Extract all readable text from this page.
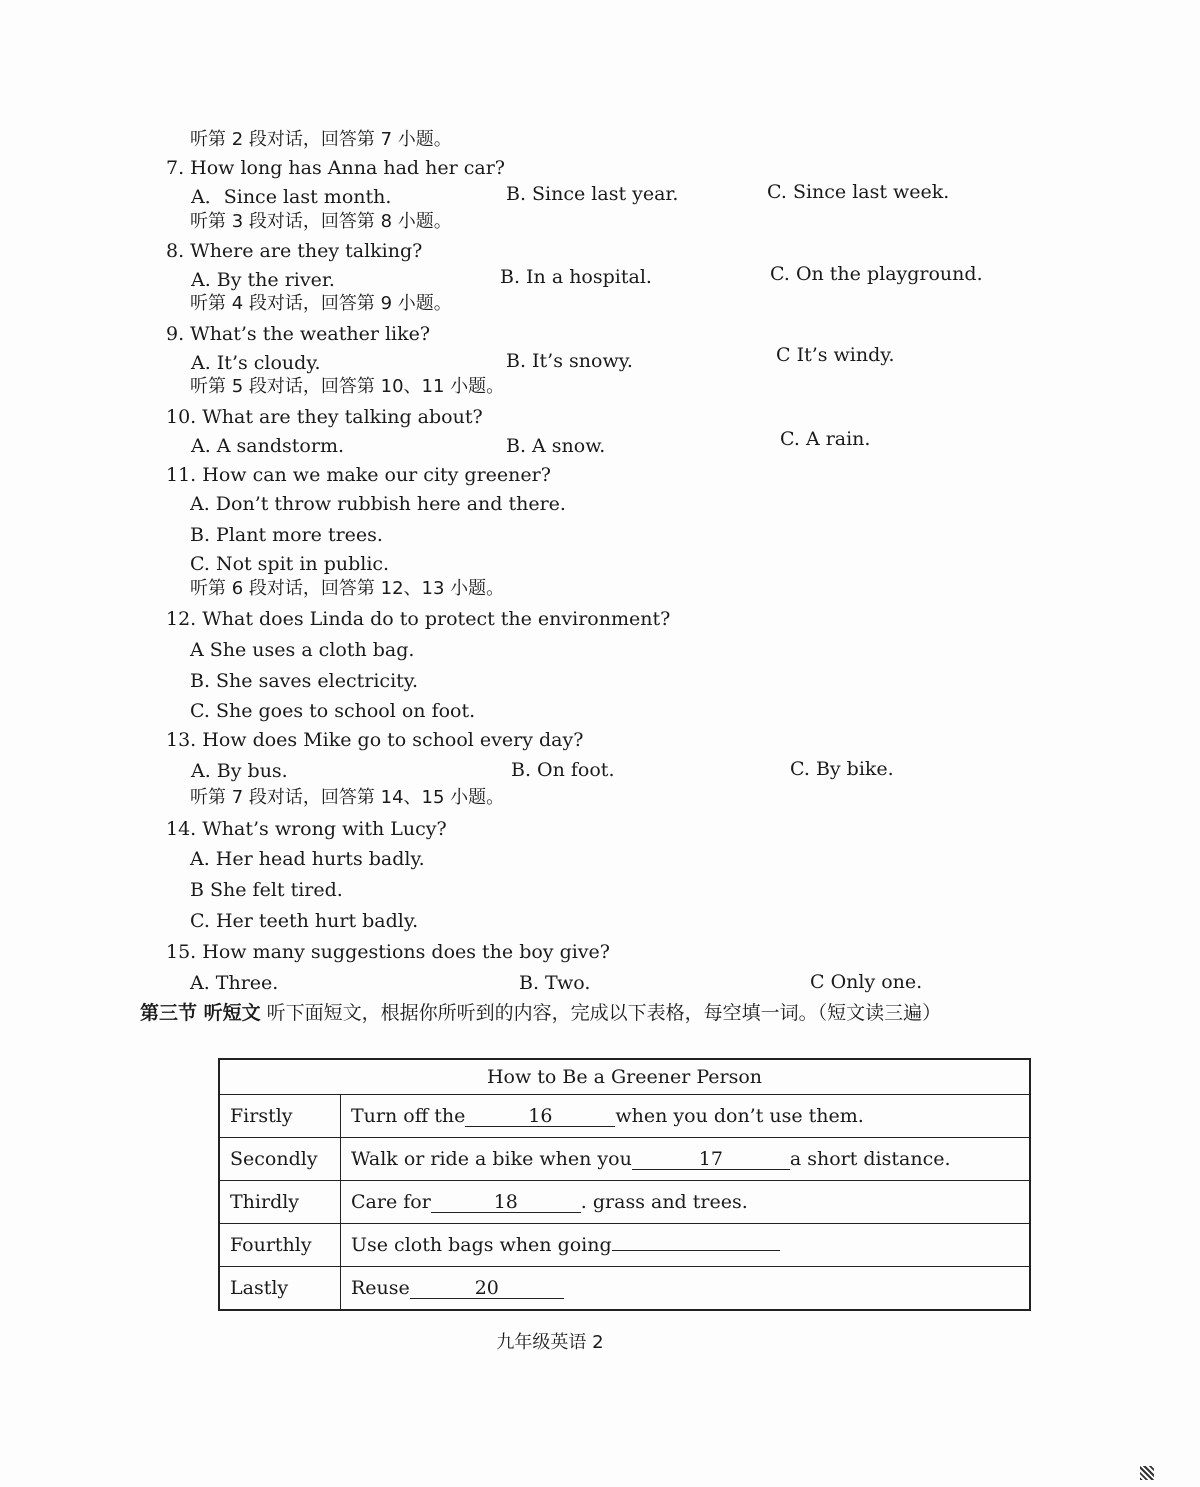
听第 2 段对话，回答第 7 小题。
7. How long has Anna had her car?
A．Since last month.	B. Since last year.	C. Since last week.
听第 3 段对话，回答第 8 小题。
8. Where are they talking?
A. By the river.	B. In a hospital.	C. On the playground.
听第 4 段对话，回答第 9 小题。
9. What’s the weather like?
A. It’s cloudy.	B. It’s snowy.	C It’s windy.
听第 5 段对话，回答第 10、11 小题。
10. What are they talking about?
A. A sandstorm.	B. A snow.	C. A rain.
11. How can we make our city greener?
A. Don’t throw rubbish here and there.
B. Plant more trees.
C. Not spit in public.
听第 6 段对话，回答第 12、13 小题。
12. What does Linda do to protect the environment?
A She uses a cloth bag.
B. She saves electricity.
C. She goes to school on foot.
13. How does Mike go to school every day?
A. By bus.	B. On foot.	C. By bike.
听第 7 段对话，回答第 14、15 小题。
14. What’s wrong with Lucy?
A. Her head hurts badly.
B She felt tired.
C. Her teeth hurt badly.
15. How many suggestions does the boy give?
A. Three.	B. Two.	C Only one.
第三节 听短文 听下面短文，根据你所听到的内容，完成以下表格，每空填一词。（短文读三遍）
How to Be a Greener Person	
Firstly	Turn off the 16 when you don’t use them.
Secondly	Walk or ride a bike when you 17 a short distance.
Thirdly	Care for 18 . grass and trees.
Fourthly	Use cloth bags when going
Lastly	Reuse 20
九年级英语 2
